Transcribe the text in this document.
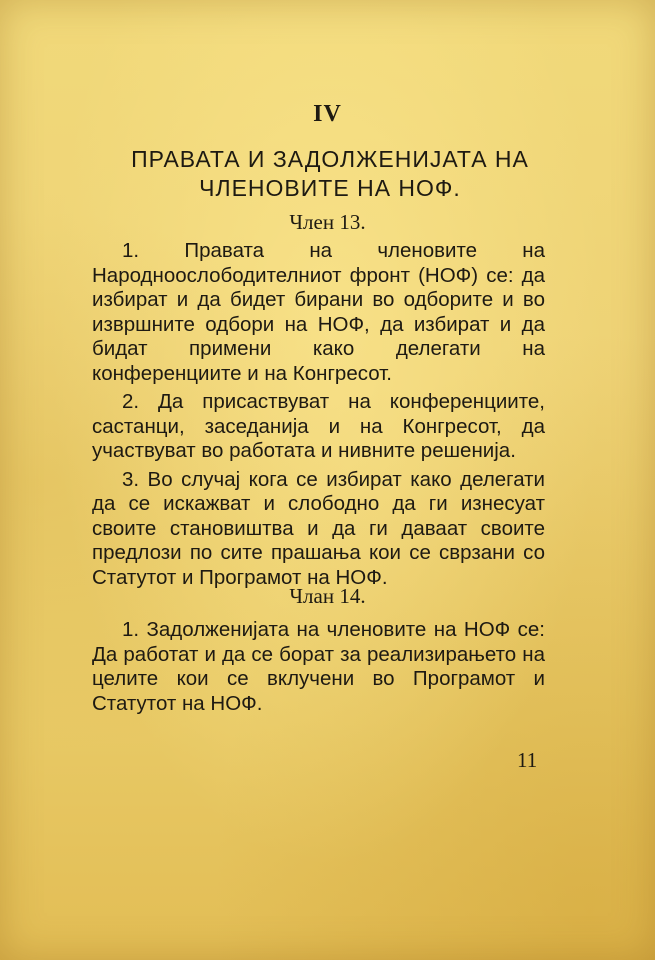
IV
ПРАВАТА И ЗАДОЛЖЕНИЈАТА НА
ЧЛЕНОВИТЕ НА НОФ.
Член 13.

1. Правата на членовите на Народноослободителниот фронт (НОФ) се: да избират и да бидет бирани во одборите и во извршните одбори на НОФ, да избират и да бидат примени како делегати на конференциите и на Конгресот.

2. Да присаствуват на конференциите, састанци, заседанија и на Конгресот, да участвуват во работата и нивните решенија.

3. Во случај кога се избират како делегати да се искажват и слободно да ги изнесуат своите становиштва и да ги даваат своите предлози по сите прашања кои се сврзани со Статутот и Програмот на НОФ.

Члан 14.

1. Задолженијата на членовите на НОФ се: Да работат и да се борат за реализирањето на целите кои се вклучени во Програмот и Статутот на НОФ.

11
